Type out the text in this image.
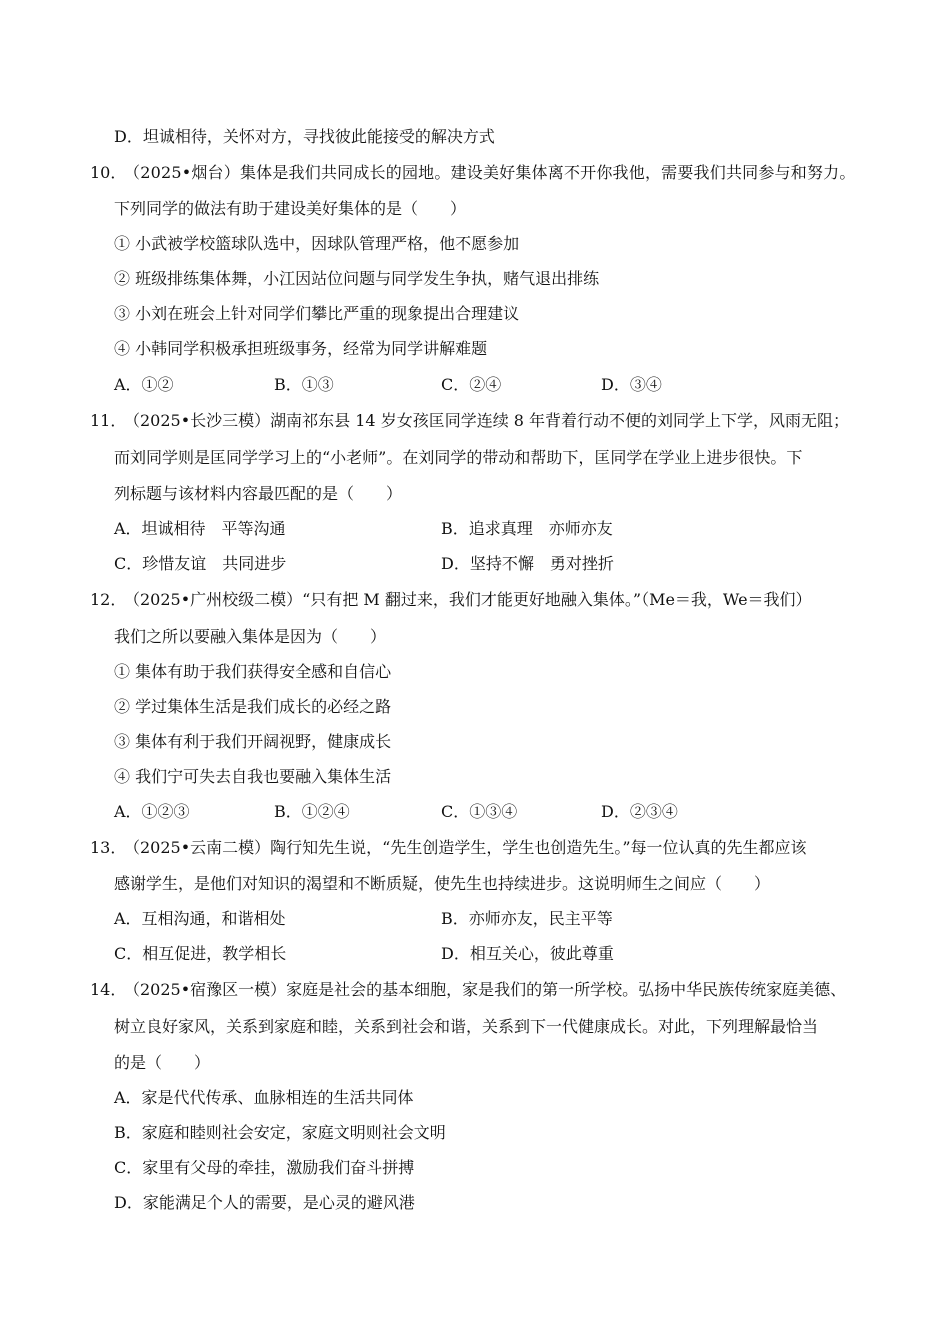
D．坦诚相待，关怀对方，寻找彼此能接受的解决方式
10．
（2025•烟台）集体是我们共同成长的园地。建设美好集体离不开你我他，需要我们共同参与和努力。
下列同学的做法有助于建设美好集体的是（　　）
① 小武被学校篮球队选中，因球队管理严格，他不愿参加
② 班级排练集体舞，小江因站位问题与同学发生争执，赌气退出排练
③ 小刘在班会上针对同学们攀比严重的现象提出合理建议
④ 小韩同学积极承担班级事务，经常为同学讲解难题
A．①②	B．①③	C．②④	D．③④
11．
（2025•长沙三模）湖南祁东县 14 岁女孩匡同学连续 8 年背着行动不便的刘同学上下学，风雨无阻；
而刘同学则是匡同学学习上的“小老师”。在刘同学的带动和帮助下，匡同学在学业上进步很快。下
列标题与该材料内容最匹配的是（　　）
A．坦诚相待　平等沟通	B．追求真理　亦师亦友
C．珍惜友谊　共同进步	D．坚持不懈　勇对挫折
12．
（2025•广州校级二模）“只有把 M 翻过来，我们才能更好地融入集体。”（Me＝我，We＝我们）
我们之所以要融入集体是因为（　　）
① 集体有助于我们获得安全感和自信心
② 学过集体生活是我们成长的必经之路
③ 集体有利于我们开阔视野，健康成长
④ 我们宁可失去自我也要融入集体生活
A．①②③	B．①②④	C．①③④	D．②③④
13．
（2025•云南二模）陶行知先生说，“先生创造学生，学生也创造先生。”每一位认真的先生都应该
感谢学生，是他们对知识的渴望和不断质疑，使先生也持续进步。这说明师生之间应（　　）
A．互相沟通，和谐相处	B．亦师亦友，民主平等
C．相互促进，教学相长	D．相互关心，彼此尊重
14．
（2025•宿豫区一模）家庭是社会的基本细胞，家是我们的第一所学校。弘扬中华民族传统家庭美德、
树立良好家风，关系到家庭和睦，关系到社会和谐，关系到下一代健康成长。对此，下列理解最恰当
的是（　　）
A．家是代代传承、血脉相连的生活共同体
B．家庭和睦则社会安定，家庭文明则社会文明
C．家里有父母的牵挂，激励我们奋斗拼搏
D．家能满足个人的需要，是心灵的避风港
